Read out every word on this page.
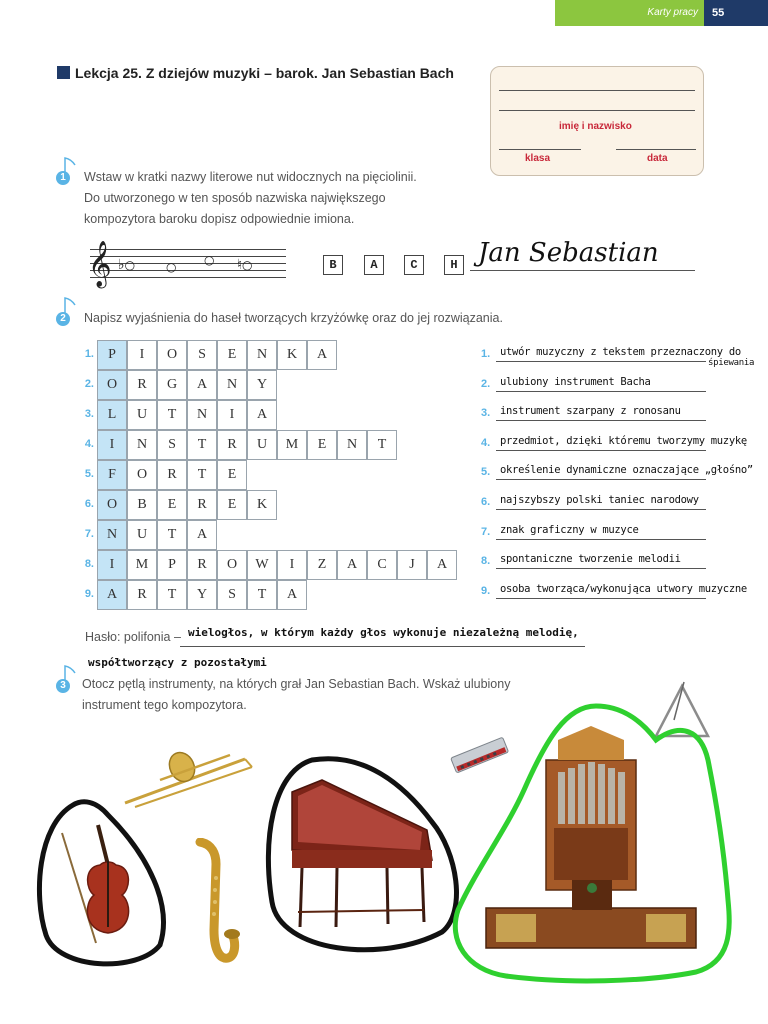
Karty pracy	55
Lekcja 25. Z dziejów muzyki – barok. Jan Sebastian Bach
imię i nazwisko
klasa	data
1	Wstaw w kratki nazwy literowe nut widocznych na pięciolinii.
Do utworzonego w ten sposób nazwiska największego
kompozytora baroku dopisz odpowiednie imiona.
𝄞 ♭○	○ ○ ♮○	B	A	C	H Jan Sebastian
2	Napisz wyjaśnienia do haseł tworzących krzyżówkę oraz do jej rozwiązania.
1.	P	I	O	S	E	N	K	A
2. O	R	G	A	N	Y
3. L	U	T	N	I	A
4.	I	N	S	T	R	U	M	E	N	T
5.	F	O	R	T	E
6. O	B	E	R	E	K
7. N	U	T	A
8.	I	M	P	R	O	W	I	Z	A	C	J	A
9. A	R	T	Y	S	T	A
1. utwór muzyczny z tekstem przeznaczony do
śpiewania
2. ulubiony instrument Bacha
3. instrument szarpany z ronosanu
4. przedmiot, dzięki któremu tworzymy muzykę
5. określenie dynamiczne oznaczające „głośno”
6. najszybszy polski taniec narodowy
7. znak graficzny w muzyce
8. spontaniczne tworzenie melodii
9. osoba tworząca/wykonująca utwory muzyczne
Hasło: polifonia – wielogłos, w którym każdy głos wykonuje niezależną melodię,
współtworzący z pozostałymi
3	Otocz pętlą instrumenty, na których grał Jan Sebastian Bach. Wskaż ulubiony
instrument tego kompozytora.
